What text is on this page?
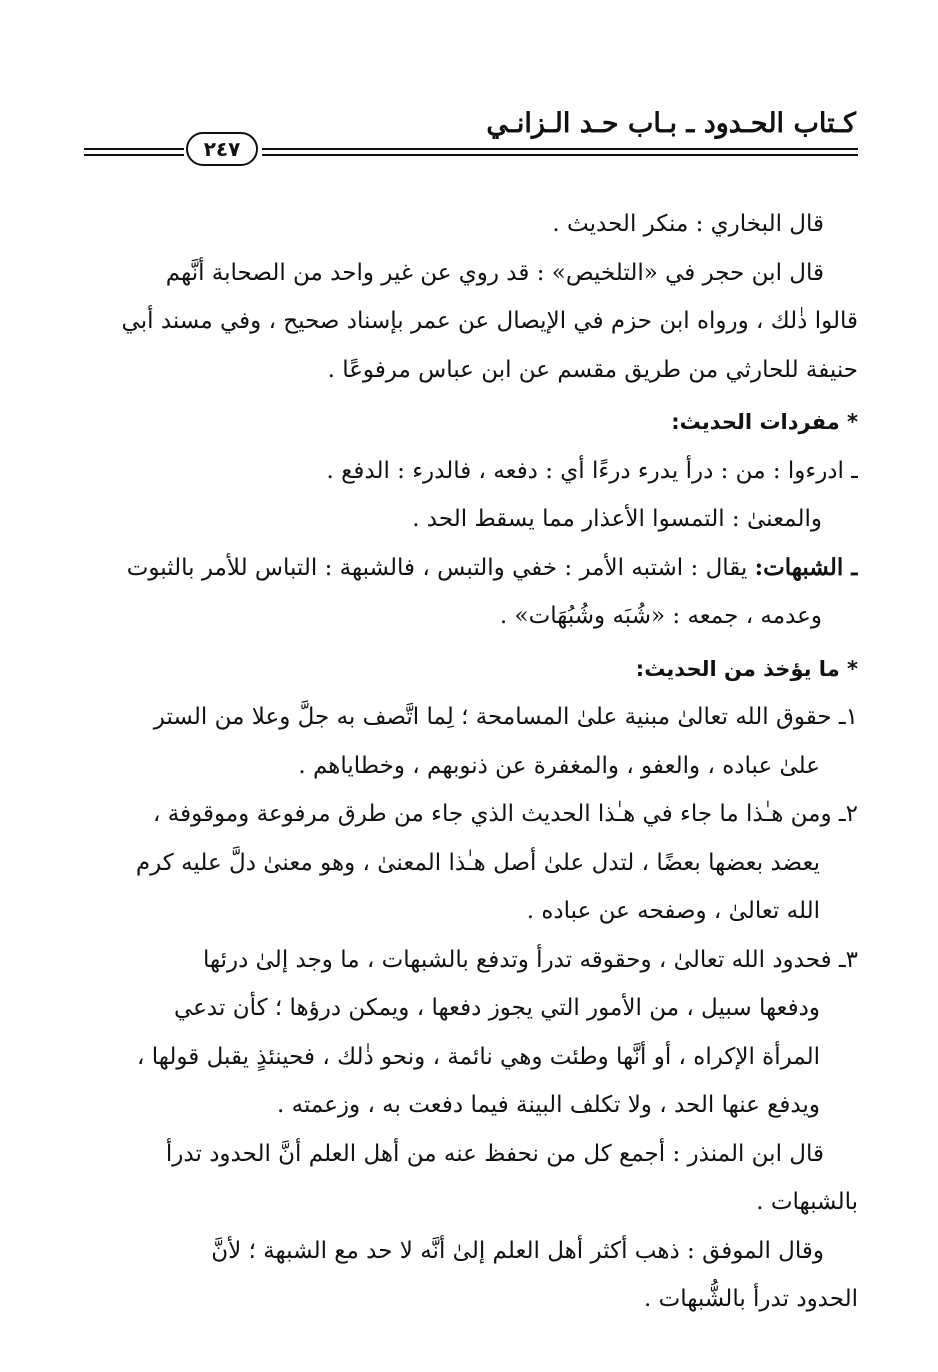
كـتاب الحـدود ـ بـاب حـد الـزانـي
٢٤٧
قال البخاري : منكر الحديث .
قال ابن حجر في «التلخيص» : قد روي عن غير واحد من الصحابة أنَّهم
قالوا ذٰلك ، ورواه ابن حزم في الإيصال عن عمر بإسناد صحيح ، وفي مسند أبي
حنيفة للحارثي من طريق مقسم عن ابن عباس مرفوعًا .
* مفردات الحديث:
ـ ادرءوا : من : درأ يدرء درءًا أي : دفعه ، فالدرء : الدفع .
والمعنىٰ : التمسوا الأعذار مما يسقط الحد .
ـ الشبهات: يقال : اشتبه الأمر : خفي والتبس ، فالشبهة : التباس للأمر بالثبوت
وعدمه ، جمعه : «شُبَه وشُبُهَات» .
* ما يؤخذ من الحديث:
١ـ حقوق الله تعالىٰ مبنية علىٰ المسامحة ؛ لِما اتَّصف به جلَّ وعلا من الستر
علىٰ عباده ، والعفو ، والمغفرة عن ذنوبهم ، وخطاياهم .
٢ـ ومن هـٰذا ما جاء في هـٰذا الحديث الذي جاء من طرق مرفوعة وموقوفة ،
يعضد بعضها بعضًا ، لتدل علىٰ أصل هـٰذا المعنىٰ ، وهو معنىٰ دلَّ عليه كرم
الله تعالىٰ ، وصفحه عن عباده .
٣ـ فحدود الله تعالىٰ ، وحقوقه تدرأ وتدفع بالشبهات ، ما وجد إلىٰ درئها
ودفعها سبيل ، من الأمور التي يجوز دفعها ، ويمكن درؤها ؛ كأن تدعي
المرأة الإكراه ، أو أنَّها وطئت وهي نائمة ، ونحو ذٰلك ، فحينئذٍ يقبل قولها ،
ويدفع عنها الحد ، ولا تكلف البينة فيما دفعت به ، وزعمته .
قال ابن المنذر : أجمع كل من نحفظ عنه من أهل العلم أنَّ الحدود تدرأ
بالشبهات .
وقال الموفق : ذهب أكثر أهل العلم إلىٰ أنَّه لا حد مع الشبهة ؛ لأنَّ
الحدود تدرأ بالشُّبهات .
